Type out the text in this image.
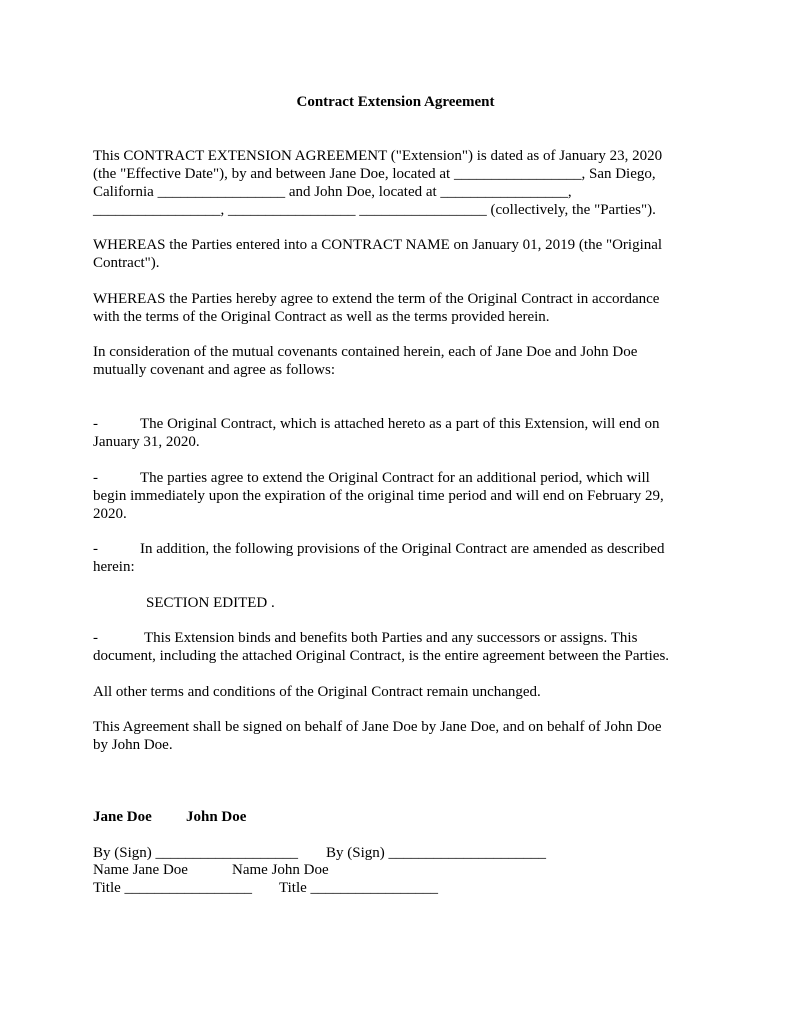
Contract Extension Agreement
This CONTRACT EXTENSION AGREEMENT ("Extension") is dated as of January 23, 2020
(the "Effective Date"), by and between Jane Doe, located at _________________, San Diego,
California _________________ and John Doe, located at _________________,
_________________, _________________ _________________ (collectively, the "Parties").
WHEREAS the Parties entered into a CONTRACT NAME on January 01, 2019 (the "Original
Contract").
WHEREAS the Parties hereby agree to extend the term of the Original Contract in accordance
with the terms of the Original Contract as well as the terms provided herein.
In consideration of the mutual covenants contained herein, each of Jane Doe and John Doe
mutually covenant and agree as follows:
-	The Original Contract, which is attached hereto as a part of this Extension, will end on
January 31, 2020.
-	The parties agree to extend the Original Contract for an additional period, which will
begin immediately upon the expiration of the original time period and will end on February 29,
2020.
-	In addition, the following provisions of the Original Contract are amended as described
herein:
SECTION EDITED .
-	This Extension binds and benefits both Parties and any successors or assigns. This
document, including the attached Original Contract, is the entire agreement between the Parties.
All other terms and conditions of the Original Contract remain unchanged.
This Agreement shall be signed on behalf of Jane Doe by Jane Doe, and on behalf of John Doe
by John Doe.
Jane Doe John Doe
By (Sign) ___________________ By (Sign) _____________________
Name Jane Doe	Name John Doe
Title _________________ Title _________________
